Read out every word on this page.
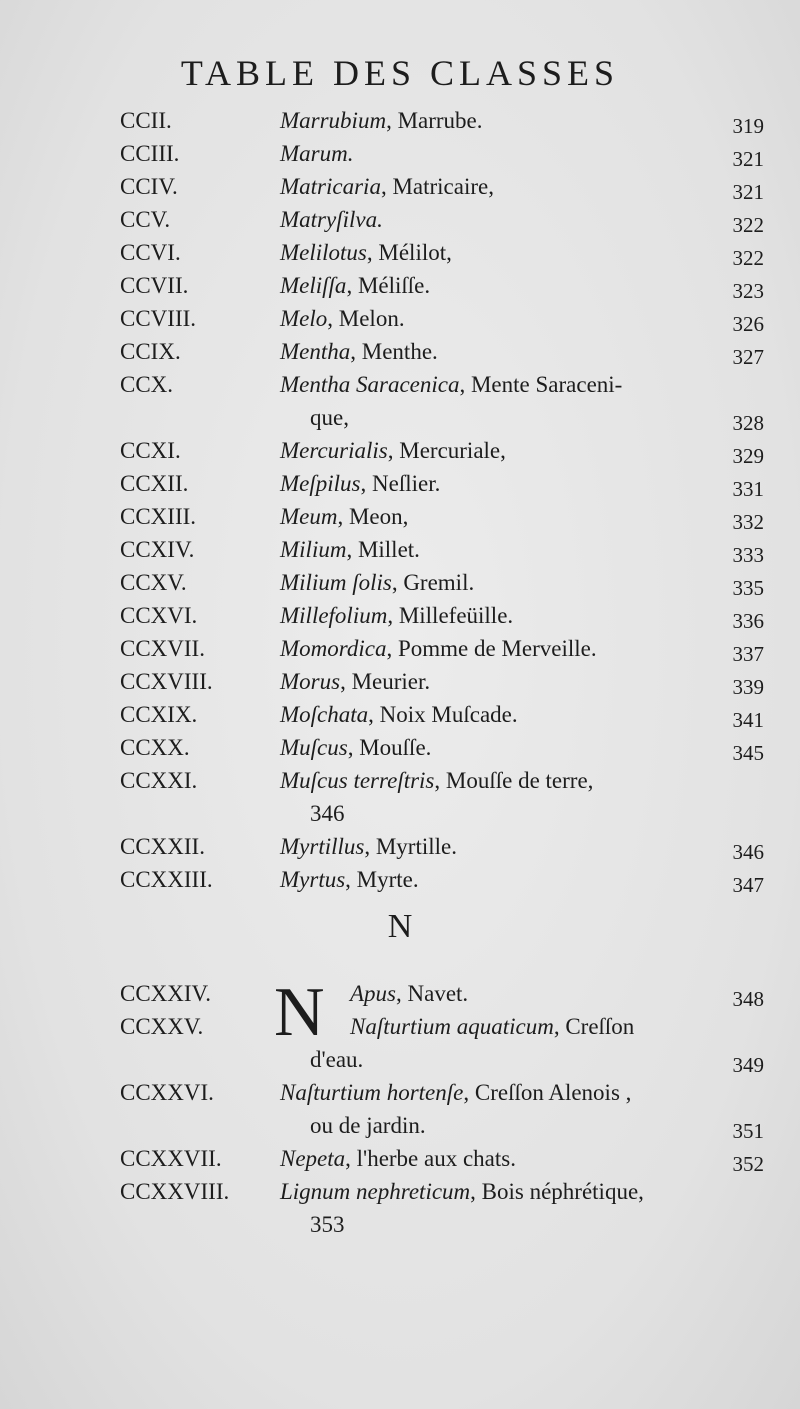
TABLE DES CLASSES
CCII.	Marrubium, Marrube.	319
CCIII.	Marum.	321
CCIV.	Matricaria, Matricaire,	321
CCV.	Matryſilva.	322
CCVI.	Melilotus, Mélilot,	322
CCVII.	Meliſſa, Méliſſe.	323
CCVIII.	Melo, Melon.	326
CCIX.	Mentha, Menthe.	327
CCX.	Mentha Saracenica, Mente Saraceni-
que,	328
CCXI.	Mercurialis, Mercuriale,	329
CCXII.	Meſpilus, Neſlier.	331
CCXIII.	Meum, Meon,	332
CCXIV.	Milium, Millet.	333
CCXV.	Milium ſolis, Gremil.	335
CCXVI.	Millefolium, Millefeüille.	336
CCXVII.	Momordica, Pomme de Merveille.	337
CCXVIII.	Morus, Meurier.	339
CCXIX.	Moſchata, Noix Muſcade.	341
CCXX.	Muſcus, Mouſſe.	345
CCXXI.	Muſcus terreſtris, Mouſſe de terre,
346
CCXXII.	Myrtillus, Myrtille.	346
CCXXIII.	Myrtus, Myrte.	347
N
N
CCXXIV.	Apus, Navet.	348
CCXXV.	Naſturtium aquaticum, Creſſon
d'eau.	349
CCXXVI.	Naſturtium hortenſe, Creſſon Alenois ,
ou de jardin.	351
CCXXVII.	Nepeta, l'herbe aux chats.	352
CCXXVIII. Lignum nephreticum, Bois néphrétique,
353
